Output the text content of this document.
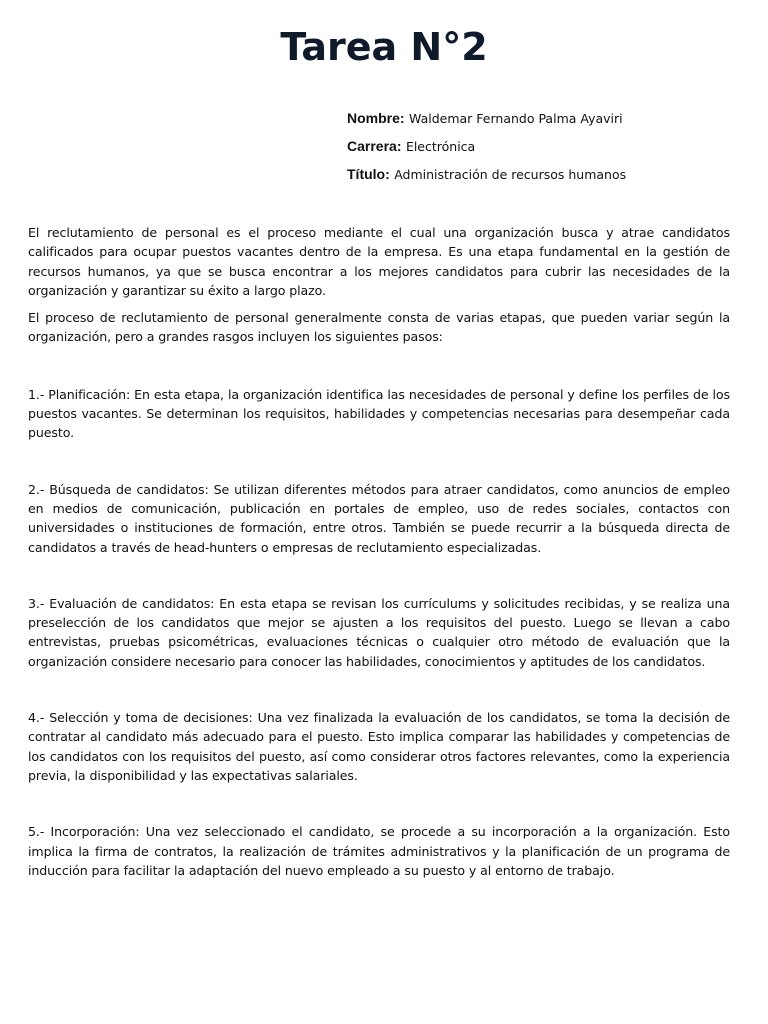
Tarea N°2
Nombre: Waldemar Fernando Palma Ayaviri
Carrera: Electrónica
Título: Administración de recursos humanos

El reclutamiento de personal es el proceso mediante el cual una organización busca y atrae candidatos calificados para ocupar puestos vacantes dentro de la empresa. Es una etapa fundamental en la gestión de recursos humanos, ya que se busca encontrar a los mejores candidatos para cubrir las necesidades de la organización y garantizar su éxito a largo plazo.

El proceso de reclutamiento de personal generalmente consta de varias etapas, que pueden variar según la organización, pero a grandes rasgos incluyen los siguientes pasos:

1.- Planificación: En esta etapa, la organización identifica las necesidades de personal y define los perfiles de los puestos vacantes. Se determinan los requisitos, habilidades y competencias necesarias para desempeñar cada puesto.

2.- Búsqueda de candidatos: Se utilizan diferentes métodos para atraer candidatos, como anuncios de empleo en medios de comunicación, publicación en portales de empleo, uso de redes sociales, contactos con universidades o instituciones de formación, entre otros. También se puede recurrir a la búsqueda directa de candidatos a través de head-hunters o empresas de reclutamiento especializadas.

3.- Evaluación de candidatos: En esta etapa se revisan los currículums y solicitudes recibidas, y se realiza una preselección de los candidatos que mejor se ajusten a los requisitos del puesto. Luego se llevan a cabo entrevistas, pruebas psicométricas, evaluaciones técnicas o cualquier otro método de evaluación que la organización considere necesario para conocer las habilidades, conocimientos y aptitudes de los candidatos.

4.- Selección y toma de decisiones: Una vez finalizada la evaluación de los candidatos, se toma la decisión de contratar al candidato más adecuado para el puesto. Esto implica comparar las habilidades y competencias de los candidatos con los requisitos del puesto, así como considerar otros factores relevantes, como la experiencia previa, la disponibilidad y las expectativas salariales.

5.- Incorporación: Una vez seleccionado el candidato, se procede a su incorporación a la organización. Esto implica la firma de contratos, la realización de trámites administrativos y la planificación de un programa de inducción para facilitar la adaptación del nuevo empleado a su puesto y al entorno de trabajo.
